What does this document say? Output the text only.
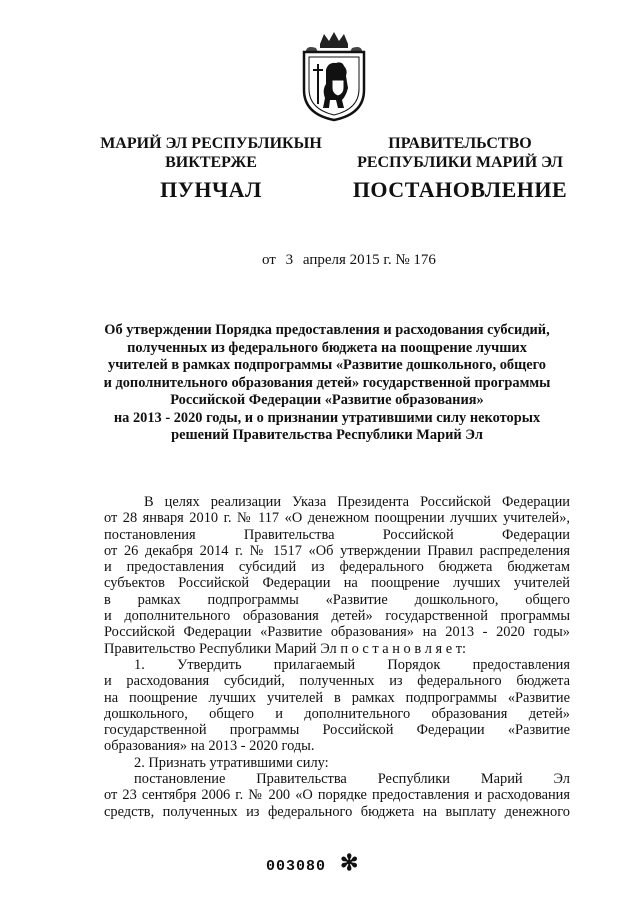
МАРИЙ ЭЛ РЕСПУБЛИКЫН
ВИКТЕРЖЕ
ПУНЧАЛ
ПРАВИТЕЛЬСТВО
РЕСПУБЛИКИ МАРИЙ ЭЛ
ПОСТАНОВЛЕНИЕ
от 3 апреля 2015 г. № 176
Об утверждении Порядка предоставления и расходования субсидий,
полученных из федерального бюджета на поощрение лучших
учителей в рамках подпрограммы «Развитие дошкольного, общего
и дополнительного образования детей» государственной программы
Российской Федерации «Развитие образования»
на 2013 - 2020 годы, и о признании утратившими силу некоторых
решений Правительства Республики Марий Эл
В целях реализации Указа Президента Российской Федерации
от 28 января 2010 г. № 117 «О денежном поощрении лучших учителей»,
постановления Правительства Российской Федерации
от 26 декабря 2014 г. № 1517 «Об утверждении Правил распределения
и предоставления субсидий из федерального бюджета бюджетам
субъектов Российской Федерации на поощрение лучших учителей
в рамках подпрограммы «Развитие дошкольного, общего
и дополнительного образования детей» государственной программы
Российской Федерации «Развитие образования» на 2013 - 2020 годы»
Правительство Республики Марий Эл п о с т а н о в л я е т:
1. Утвердить прилагаемый Порядок предоставления
и расходования субсидий, полученных из федерального бюджета
на поощрение лучших учителей в рамках подпрограммы «Развитие
дошкольного, общего и дополнительного образования детей»
государственной программы Российской Федерации «Развитие
образования» на 2013 - 2020 годы.
2. Признать утратившими силу:
постановление Правительства Республики Марий Эл
от 23 сентября 2006 г. № 200 «О порядке предоставления и расходования
средств, полученных из федерального бюджета на выплату денежного
003080 ✻
